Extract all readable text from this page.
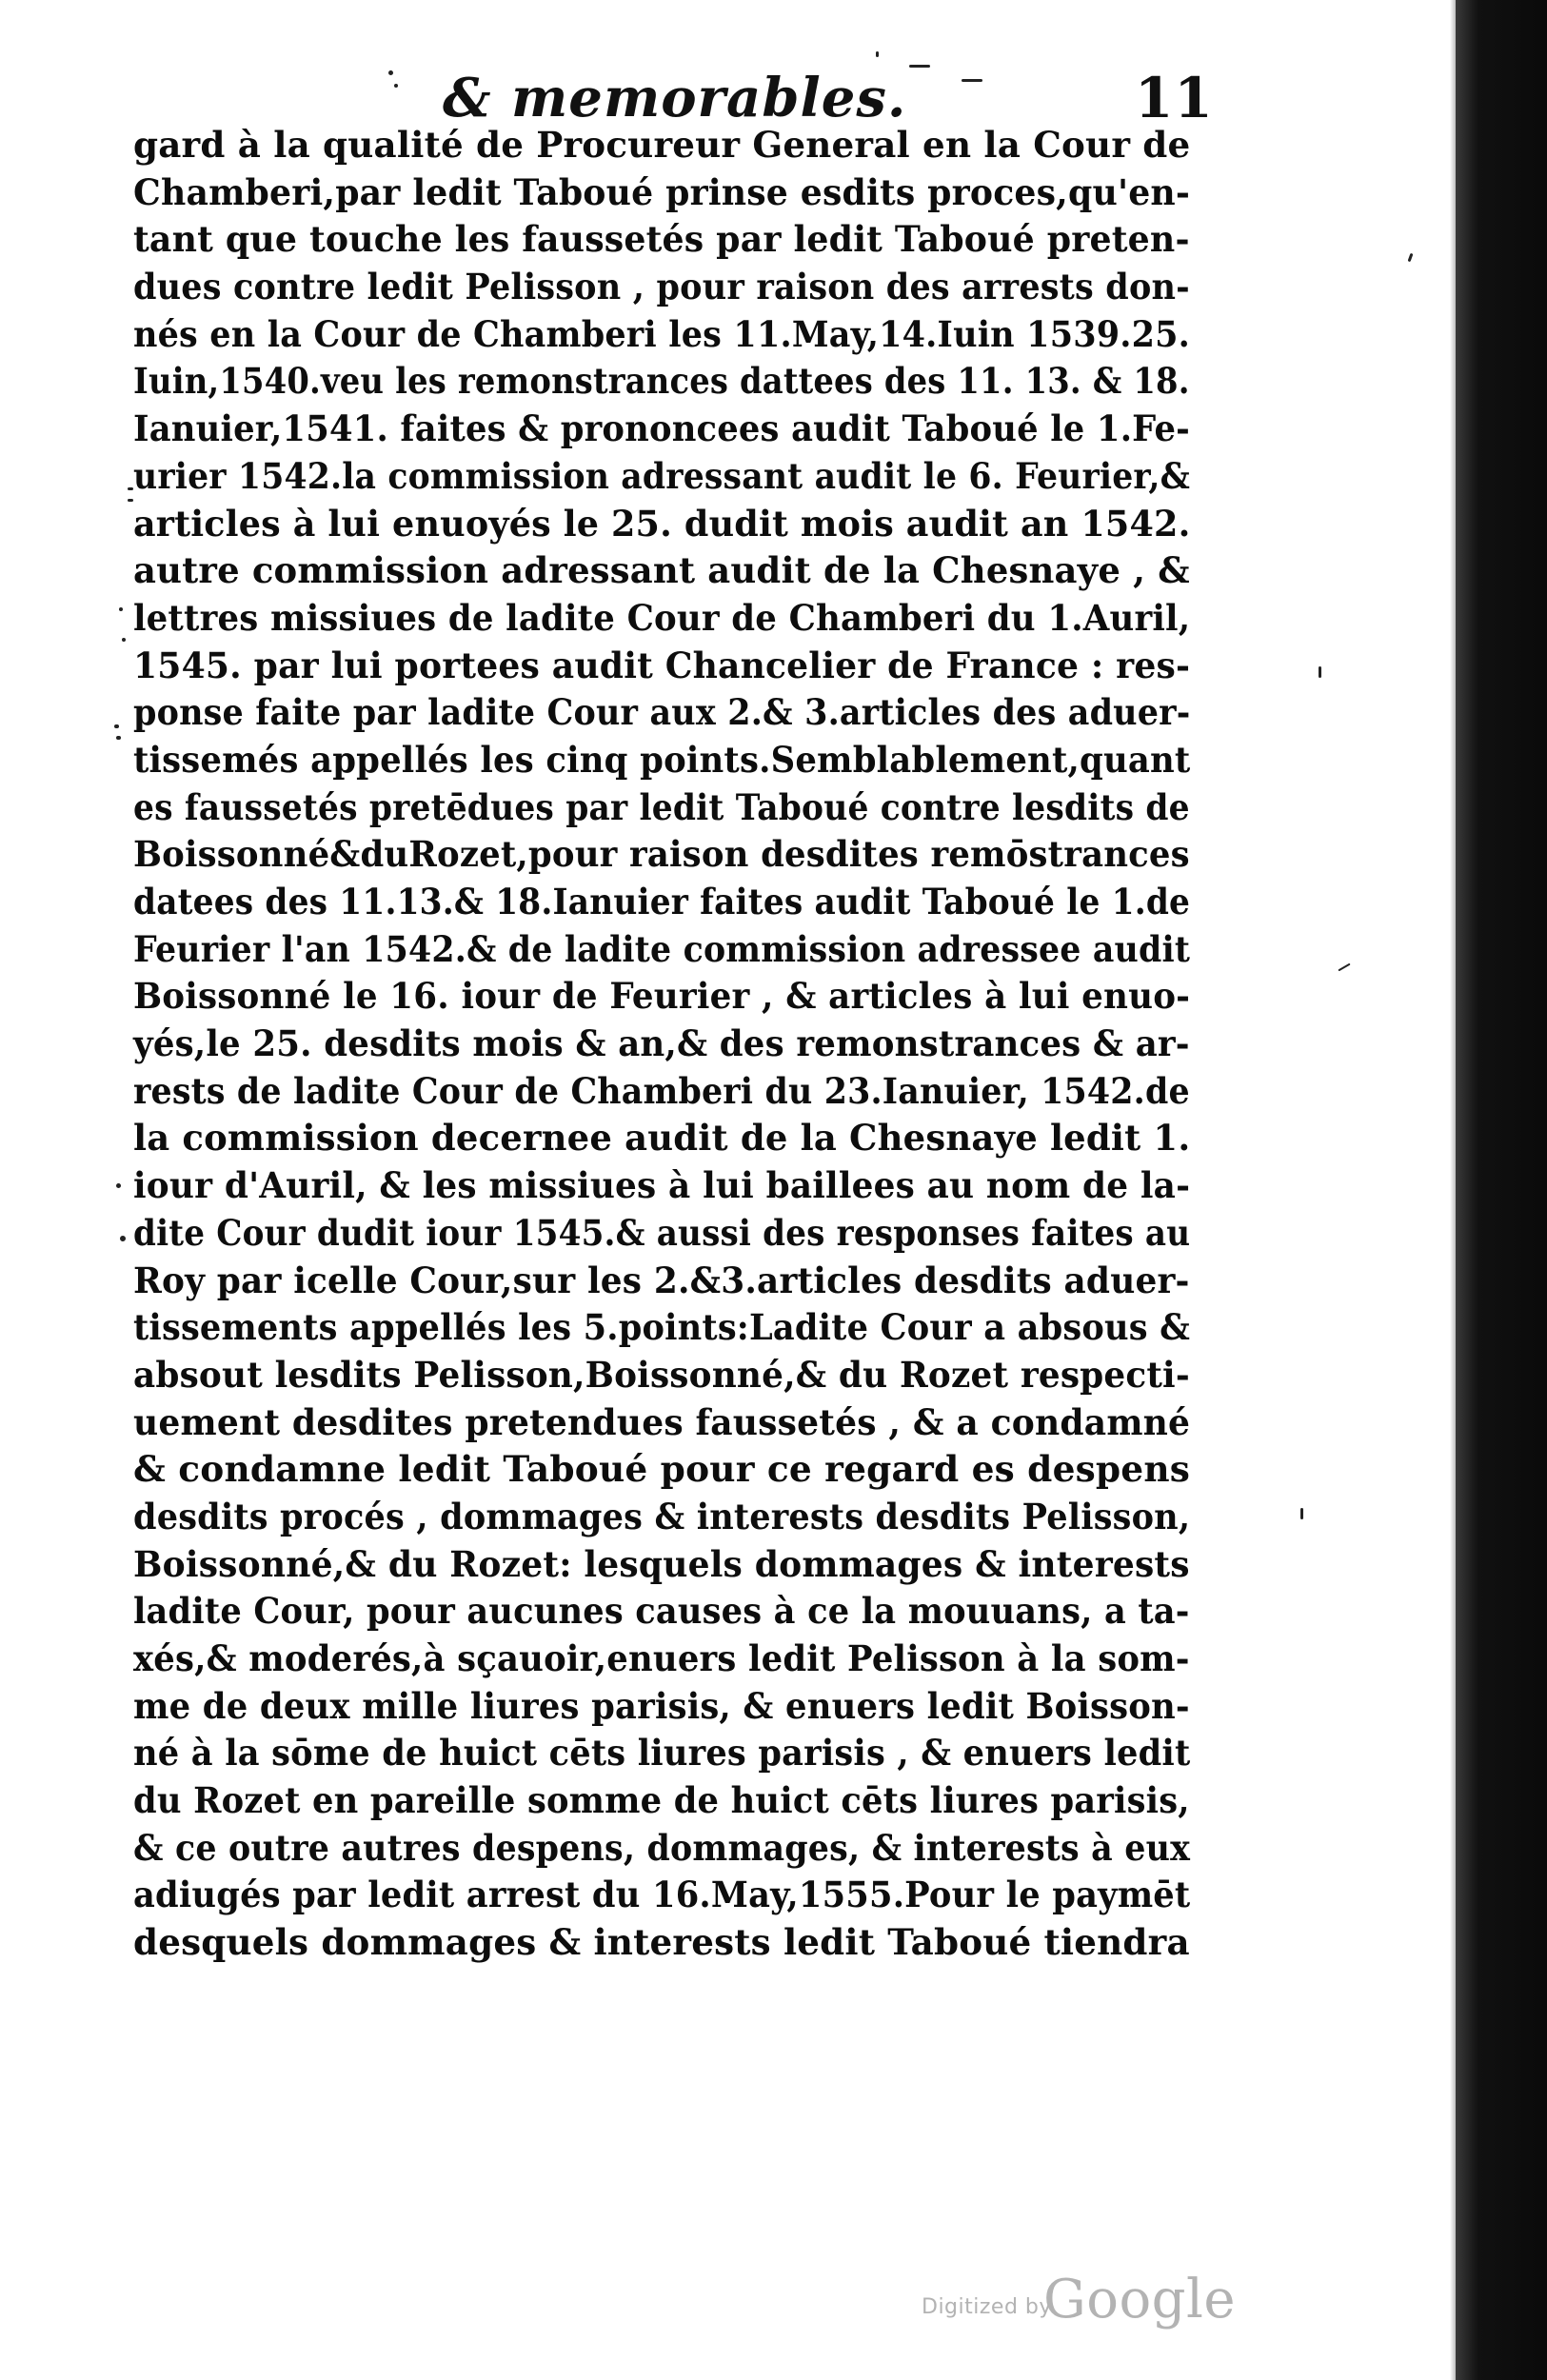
& memorables.	11
gard à la qualité de Procureur General en la Cour de
Chamberi,par ledit Taboué prinse esdits proces,qu'en-
tant que touche les faussetés par ledit Taboué preten-
dues contre ledit Pelisson , pour raison des arrests don-
nés en la Cour de Chamberi les 11.May,14.Iuin 1539.25.
Iuin,1540.veu les remonstrances dattees des 11. 13. & 18.
Ianuier,1541. faites & prononcees audit Taboué le 1.Fe-
urier 1542.la commission adressant audit le 6. Feurier,&
articles à lui enuoyés le 25. dudit mois audit an 1542.
autre commission adressant audit de la Chesnaye , &
lettres missiues de ladite Cour de Chamberi du 1.Auril,
1545. par lui portees audit Chancelier de France : res-
ponse faite par ladite Cour aux 2.& 3.articles des aduer-
tissemés appellés les cinq points.Semblablement,quant
es faussetés pretēdues par ledit Taboué contre lesdits de
Boissonné&duRozet,pour raison desdites remōstrances
datees des 11.13.& 18.Ianuier faites audit Taboué le 1.de
Feurier l'an 1542.& de ladite commission adressee audit
Boissonné le 16. iour de Feurier , & articles à lui enuo-
yés,le 25. desdits mois & an,& des remonstrances & ar-
rests de ladite Cour de Chamberi du 23.Ianuier, 1542.de
la commission decernee audit de la Chesnaye ledit 1.
iour d'Auril, & les missiues à lui baillees au nom de la-
dite Cour dudit iour 1545.& aussi des responses faites au
Roy par icelle Cour,sur les 2.&3.articles desdits aduer-
tissements appellés les 5.points:Ladite Cour a absous &
absout lesdits Pelisson,Boissonné,& du Rozet respecti-
uement desdites pretendues faussetés , & a condamné
& condamne ledit Taboué pour ce regard es despens
desdits procés , dommages & interests desdits Pelisson,
Boissonné,& du Rozet: lesquels dommages & interests
ladite Cour, pour aucunes causes à ce la mouuans, a ta-
xés,& moderés,à sçauoir,enuers ledit Pelisson à la som-
me de deux mille liures parisis, & enuers ledit Boisson-
né à la sōme de huict cēts liures parisis , & enuers ledit
du Rozet en pareille somme de huict cēts liures parisis,
& ce outre autres despens, dommages, & interests à eux
adiugés par ledit arrest du 16.May,1555.Pour le paymēt
desquels dommages & interests ledit Taboué tiendra
Digitized by
Google
